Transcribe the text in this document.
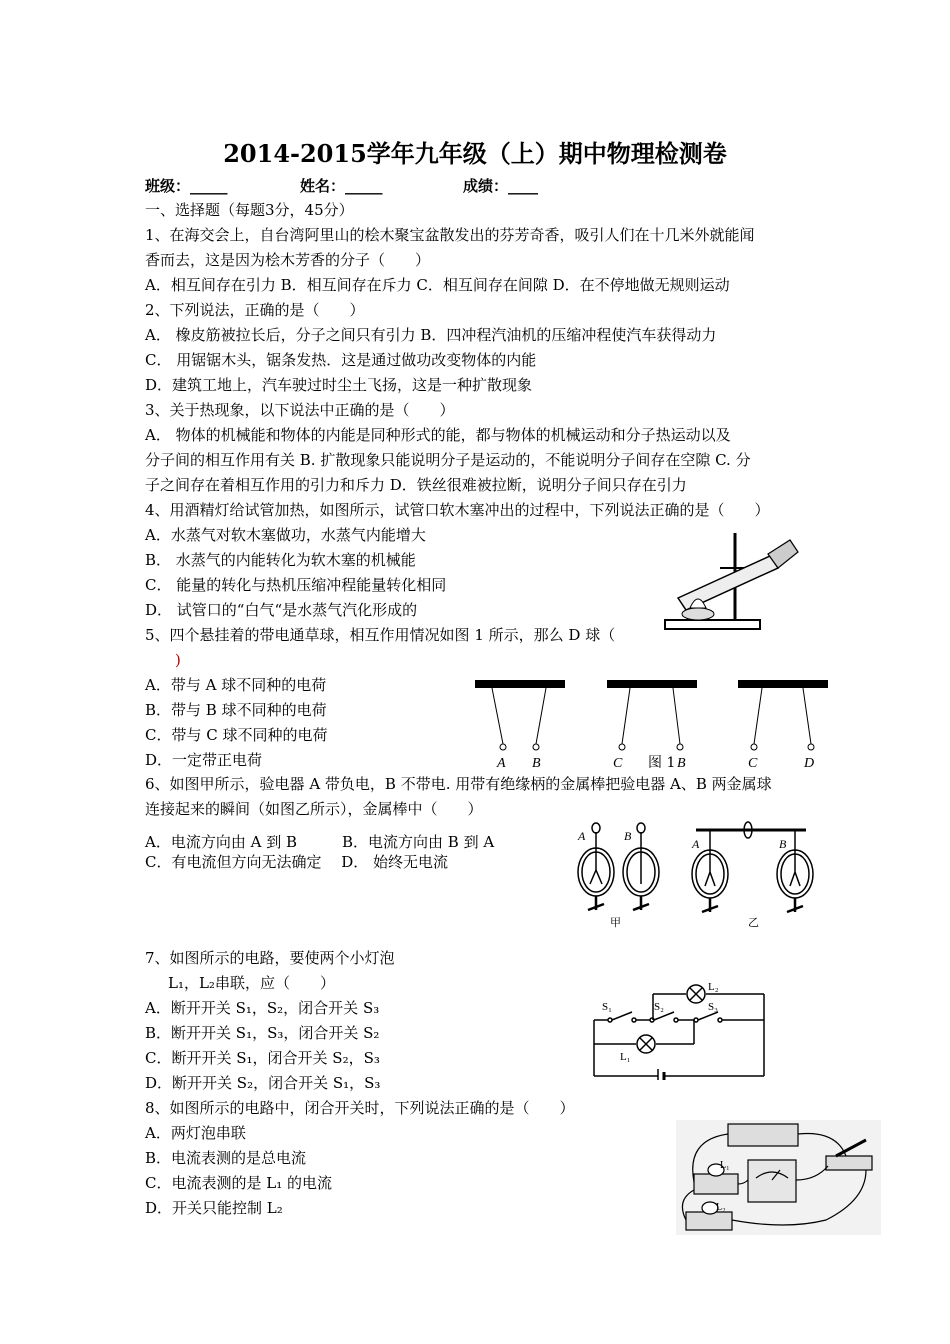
2014-2015学年九年级（上）期中物理检测卷
班级：_____	姓名：_____	成绩：____
一、选择题（每题3分，45分）
1、在海交会上，自台湾阿里山的桧木聚宝盆散发出的芬芳奇香，吸引人们在十几米外就能闻
香而去，这是因为桧木芳香的分子（　　）
A．相互间存在引力 B．相互间存在斥力 C．相互间存在间隙 D．在不停地做无规则运动
2、下列说法，正确的是（　　）
A． 橡皮筋被拉长后，分子之间只有引力 B．四冲程汽油机的压缩冲程使汽车获得动力
C． 用锯锯木头，锯条发热．这是通过做功改变物体的内能
D．建筑工地上，汽车驶过时尘土飞扬，这是一种扩散现象
3、关于热现象，以下说法中正确的是（　　）
A． 物体的机械能和物体的内能是同种形式的能，都与物体的机械运动和分子热运动以及
分子间的相互作用有关 B. 扩散现象只能说明分子是运动的，不能说明分子间存在空隙 C. 分
子之间存在着相互作用的引力和斥力 D．铁丝很难被拉断，说明分子间只存在引力
4、用酒精灯给试管加热，如图所示，试管口软木塞冲出的过程中，下列说法正确的是（　　）
A．水蒸气对软木塞做功，水蒸气内能增大
B． 水蒸气的内能转化为软木塞的机械能
C． 能量的转化与热机压缩冲程能量转化相同
D． 试管口的“白气“是水蒸气汽化形成的
5、四个悬挂着的带电通草球，相互作用情况如图 1 所示，那么 D 球（
)
A．带与 A 球不同种的电荷
B．带与 B 球不同种的电荷
C．带与 C 球不同种的电荷
D．一定带正电荷	A B	C 图 1 B	C	D
6、如图甲所示，验电器 A 带负电，B 不带电. 用带有绝缘柄的金属棒把验电器 A、B 两金属球
连接起来的瞬间（如图乙所示），金属棒中（　　）
A．电流方向由 A 到 B　　　B．电流方向由 B 到 A
C．有电流但方向无法确定　 D． 始终无电流
A	B
A	B
甲	乙
7、如图所示的电路，要使两个小灯泡
L₁，L₂串联，应（　　）
A．断开开关 S₁，S₂，闭合开关 S₃
B．断开开关 S₁，S₃，闭合开关 S₂
C．断开开关 S₁，闭合开关 S₂，S₃
D．断开开关 S₂，闭合开关 S₁，S₃
S₁	S₂	S₃
L₂
L₁
8、如图所示的电路中，闭合开关时，下列说法正确的是（　　）
A．两灯泡串联
B．电流表测的是总电流
C．电流表测的是 L₁ 的电流
D．开关只能控制 L₂
L₁
L₂
